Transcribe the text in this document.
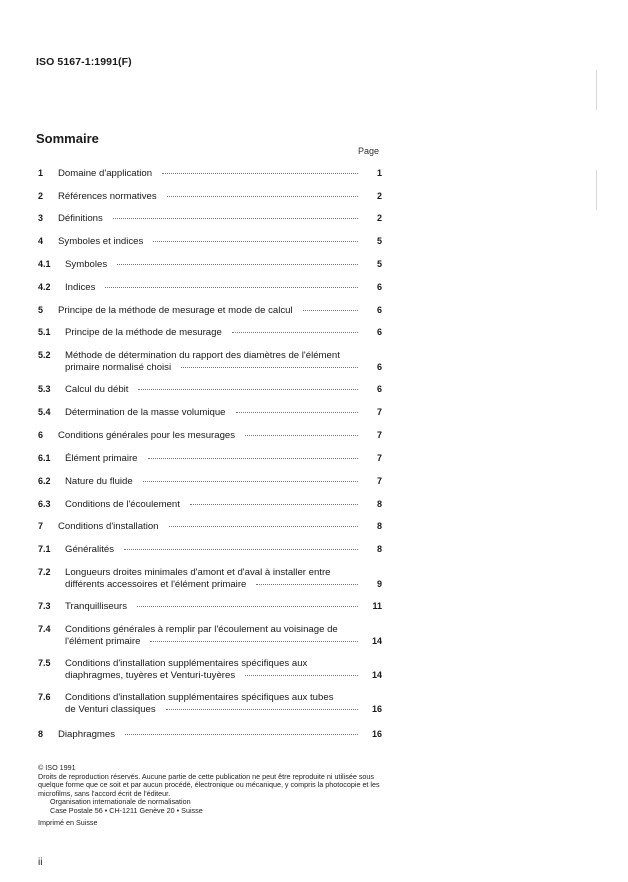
ISO 5167-1:1991(F)
Sommaire
Page
1 Domaine d'application	1
2 Références normatives	2
3 Définitions	2
4 Symboles et indices	5
4.1 Symboles	5
4.2 Indices	6
5 Principe de la méthode de mesurage et mode de calcul	6
5.1 Principe de la méthode de mesurage	6
5.2 Méthode de détermination du rapport des diamètres de l'élément
primaire normalisé choisi	6
5.3 Calcul du débit	6
5.4 Détermination de la masse volumique	7
6 Conditions générales pour les mesurages	7
6.1 Élément primaire	7
6.2 Nature du fluide	7
6.3 Conditions de l'écoulement	8
7 Conditions d'installation	8
7.1 Généralités	8
7.2 Longueurs droites minimales d'amont et d'aval à installer entre
différents accessoires et l'élément primaire	9
7.3 Tranquilliseurs	11
7.4 Conditions générales à remplir par l'écoulement au voisinage de
l'élément primaire	14
7.5 Conditions d'installation supplémentaires spécifiques aux
diaphragmes, tuyères et Venturi-tuyères	14
7.6 Conditions d'installation supplémentaires spécifiques aux tubes
de Venturi classiques	16
8 Diaphragmes	16
© ISO 1991
Droits de reproduction réservés. Aucune partie de cette publication ne peut être reproduite ni utilisée sous quelque forme que ce soit et par aucun procédé, électronique ou mécanique, y compris la photocopie et les microfilms, sans l'accord écrit de l'éditeur.
Organisation internationale de normalisation
Case Postale 56 • CH-1211 Genève 20 • Suisse
Imprimé en Suisse
ii
